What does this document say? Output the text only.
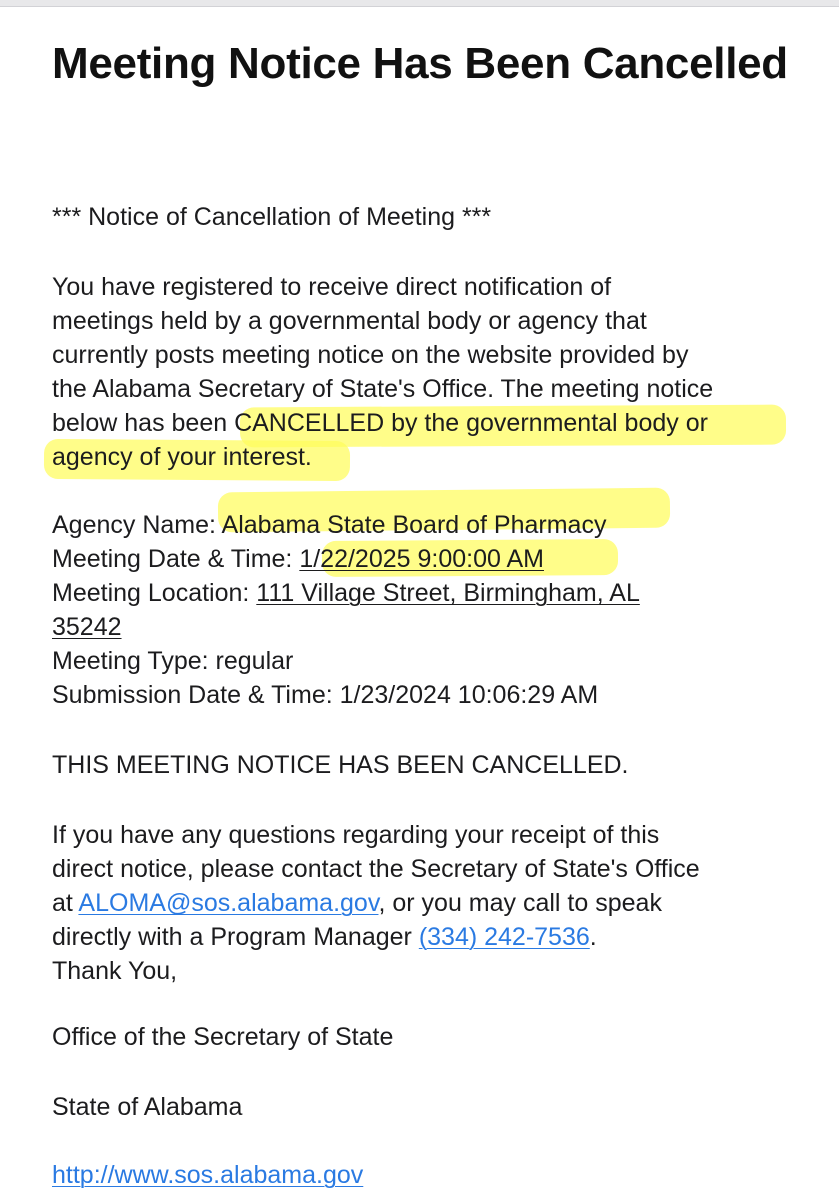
Meeting Notice Has Been Cancelled
*** Notice of Cancellation of Meeting ***
You have registered to receive direct notification of
meetings held by a governmental body or agency that
currently posts meeting notice on the website provided by
the Alabama Secretary of State's Office. The meeting notice
below has been CANCELLED by the governmental body or
agency of your interest.
Agency Name: Alabama State Board of Pharmacy
Meeting Date & Time: 1/22/2025 9:00:00 AM
Meeting Location: 111 Village Street, Birmingham, AL
35242
Meeting Type: regular
Submission Date & Time: 1/23/2024 10:06:29 AM
THIS MEETING NOTICE HAS BEEN CANCELLED.
If you have any questions regarding your receipt of this
direct notice, please contact the Secretary of State's Office
at ALOMA@sos.alabama.gov, or you may call to speak
directly with a Program Manager (334) 242-7536.
Thank You,
Office of the Secretary of State
State of Alabama
http://www.sos.alabama.gov
